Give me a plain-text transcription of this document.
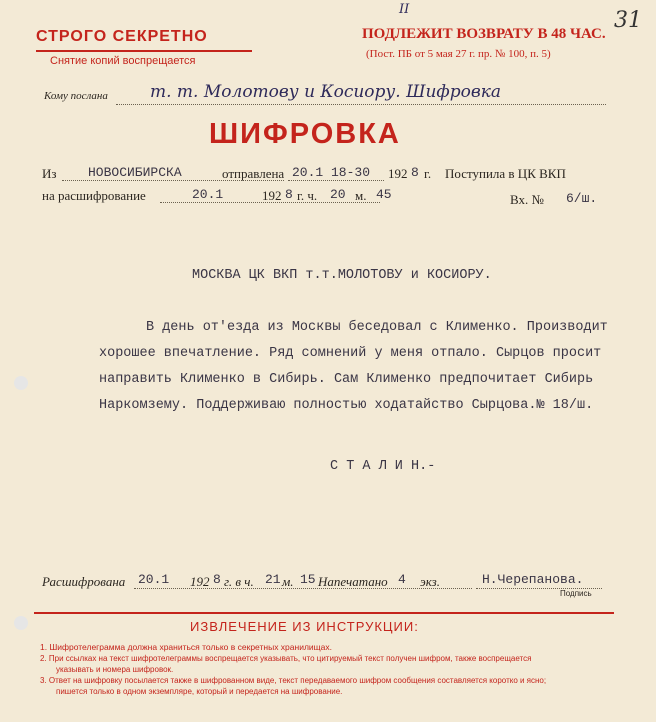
II	31
СТРОГО СЕКРЕТНО
Снятие копий воспрещается
ПОДЛЕЖИТ ВОЗВРАТУ В 48 ЧАС.
(Пост. ПБ от 5 мая 27 г. пр. № 100, п. 5)
Кому послана т. т. Молотову и Косиору. Шифровка
ШИФРОВКА
Из НОВОСИБИРСКА	отправлена 20.1 18-30 192 8 г. Поступила в ЦК ВКП
на расшифрование	20.1	192 8 г. ч. 20 м. 45	Вх. № 6/ш.
МОСКВА ЦК ВКП т.т.МОЛОТОВУ и КОСИОРУ.
В день от'езда из Москвы беседовал с Клименко. Производит
хорошее впечатление. Ряд сомнений у меня отпало. Сырцов просит
направить Клименко в Сибирь. Сам Клименко предпочитает Сибирь
Наркомзему. Поддерживаю полностью ходатайство Сырцова.№ 18/ш.
С Т А Л И Н.-
Расшифрована 20.1 192 8 г. в ч. 21 м. 15 Напечатано 4 экз.	Н.Черепанова.
Подпись
ИЗВЛЕЧЕНИЕ ИЗ ИНСТРУКЦИИ:
1. Шифротелеграмма должна храниться только в секретных хранилищах.
2. При ссылках на текст шифротелеграммы воспрещается указывать, что цитируемый текст получен шифром, также воспрещается
указывать и номера шифровок.
3. Ответ на шифровку посылается также в шифрованном виде, текст передаваемого шифром сообщения составляется коротко и ясно;
пишется только в одном экземпляре, который и передается на шифрование.
